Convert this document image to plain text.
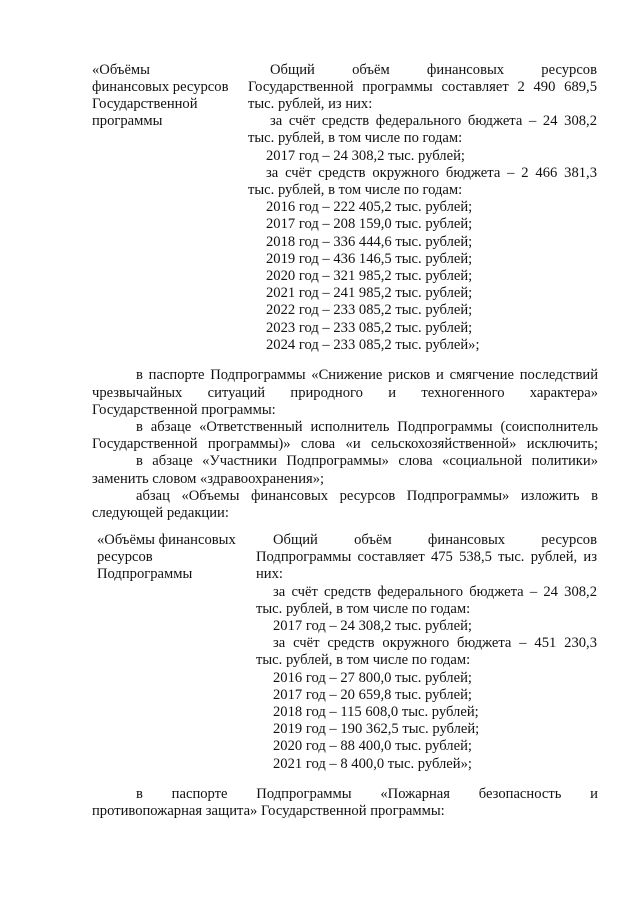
«Объёмы
финансовых ресурсов
Государственной
программы
Общий объём финансовых ресурсов
Государственной программы составляет 2 490 689,5
тыс. рублей, из них:
за счёт средств федерального бюджета – 24 308,2
тыс. рублей, в том числе по годам:
2017 год – 24 308,2 тыс. рублей;
за счёт средств окружного бюджета – 2 466 381,3
тыс. рублей, в том числе по годам:
2016 год – 222 405,2 тыс. рублей;
2017 год – 208 159,0 тыс. рублей;
2018 год – 336 444,6 тыс. рублей;
2019 год – 436 146,5 тыс. рублей;
2020 год – 321 985,2 тыс. рублей;
2021 год – 241 985,2 тыс. рублей;
2022 год – 233 085,2 тыс. рублей;
2023 год – 233 085,2 тыс. рублей;
2024 год – 233 085,2 тыс. рублей»;
в паспорте Подпрограммы «Снижение рисков и смягчение последствий
чрезвычайных ситуаций природного и техногенного характера»
Государственной программы:
в абзаце «Ответственный исполнитель Подпрограммы (соисполнитель
Государственной программы)» слова «и сельскохозяйственной» исключить;
в абзаце «Участники Подпрограммы» слова «социальной политики»
заменить словом «здравоохранения»;
абзац «Объемы финансовых ресурсов Подпрограммы» изложить в
следующей редакции:
«Объёмы финансовых
ресурсов
Подпрограммы
Общий объём финансовых ресурсов
Подпрограммы составляет 475 538,5 тыс. рублей, из
них:
за счёт средств федерального бюджета – 24 308,2
тыс. рублей, в том числе по годам:
2017 год – 24 308,2 тыс. рублей;
за счёт средств окружного бюджета – 451 230,3
тыс. рублей, в том числе по годам:
2016 год – 27 800,0 тыс. рублей;
2017 год – 20 659,8 тыс. рублей;
2018 год – 115 608,0 тыс. рублей;
2019 год – 190 362,5 тыс. рублей;
2020 год – 88 400,0 тыс. рублей;
2021 год – 8 400,0 тыс. рублей»;
в паспорте Подпрограммы «Пожарная безопасность и
противопожарная защита» Государственной программы:
